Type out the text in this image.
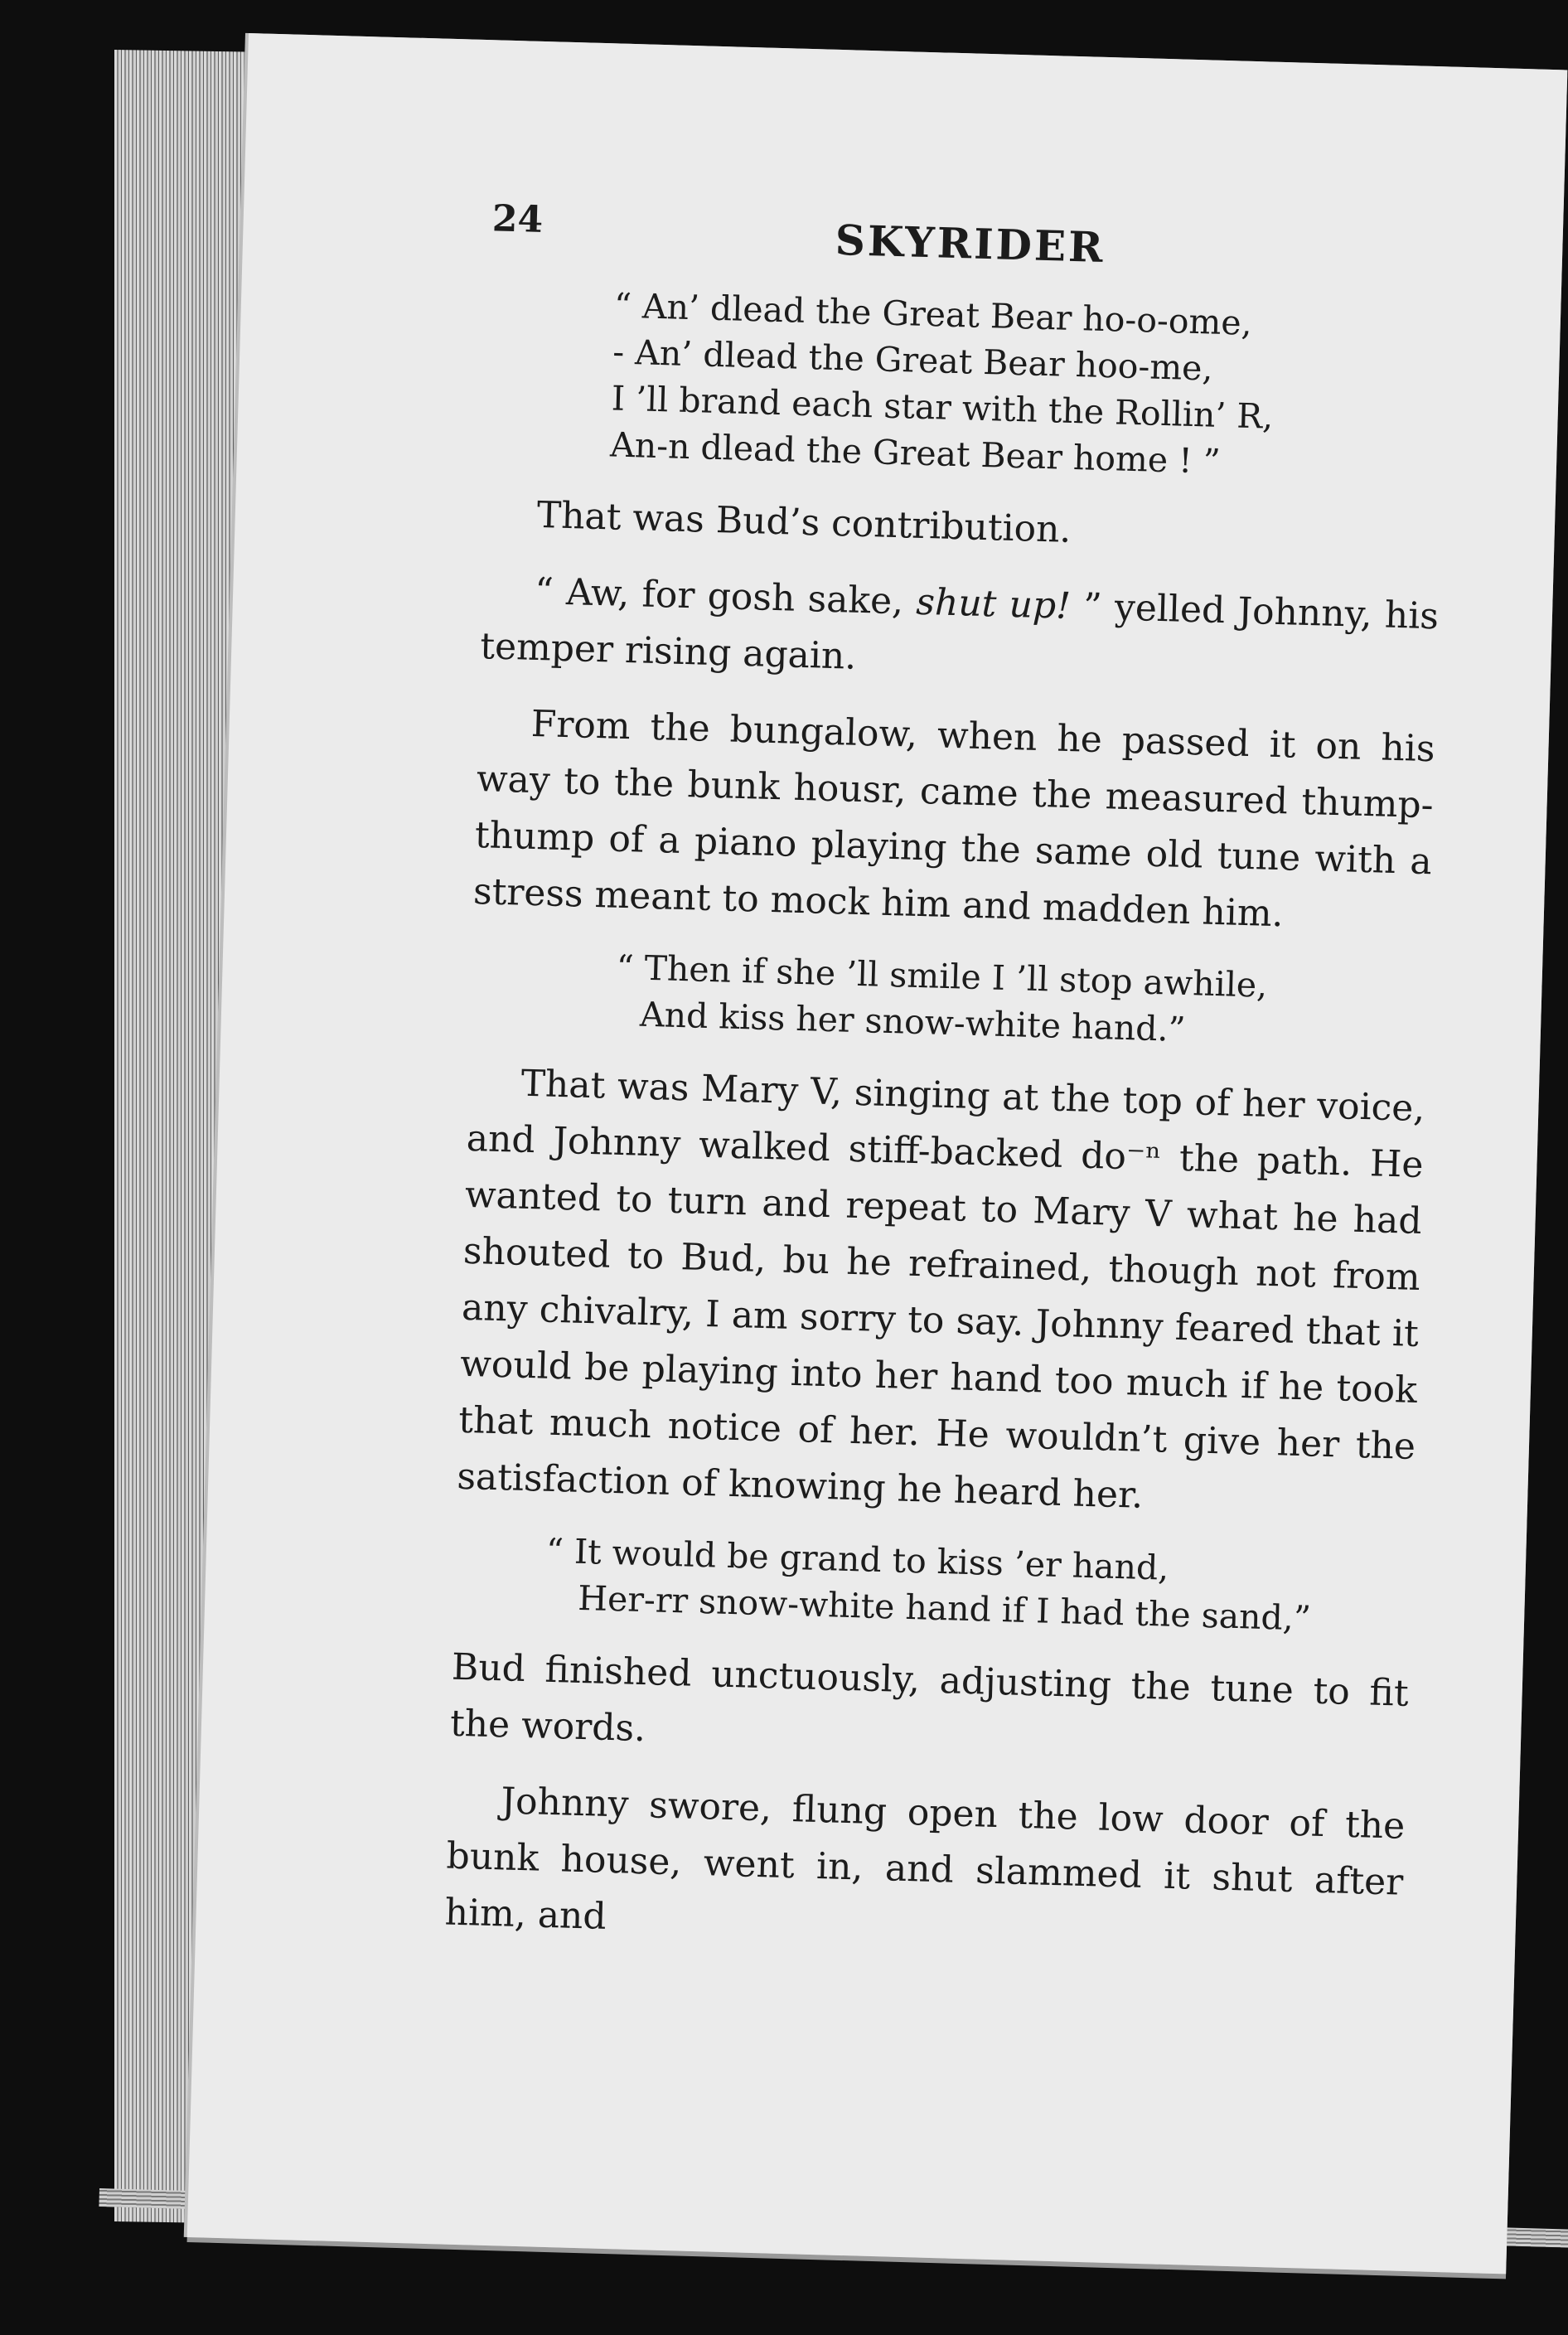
24	SKYRIDER
“ An’ dlead the Great Bear ho-o-ome,
- An’ dlead the Great Bear hoo-me,
I ’ll brand each star with the Rollin’ R,
An-n dlead the Great Bear home ! ”

That was Bud’s contribution.

“ Aw, for gosh sake, shut up! ” yelled Johnny, his temper rising again.

From the bungalow, when he passed it on his way to the bunk housr, came the measured thump-thump of a piano playing the same old tune with a stress meant to mock him and madden him.

“ Then if she ’ll smile I ’ll stop awhile,
And kiss her snow-white hand.”

That was Mary V, singing at the top of her voice, and Johnny walked stiff-backed do⁻ⁿ the path. He wanted to turn and repeat to Mary V what he had shouted to Bud, bu he refrained, though not from any chivalry, I am sorry to say. Johnny feared that it would be playing into her hand too much if he took that much notice of her. He wouldn’t give her the satisfaction of knowing he heard her.

“ It would be grand to kiss ’er hand,
Her-rr snow-white hand if I had the sand,”

Bud finished unctuously, adjusting the tune to fit the words.

Johnny swore, flung open the low door of the bunk house, went in, and slammed it shut after him, and
